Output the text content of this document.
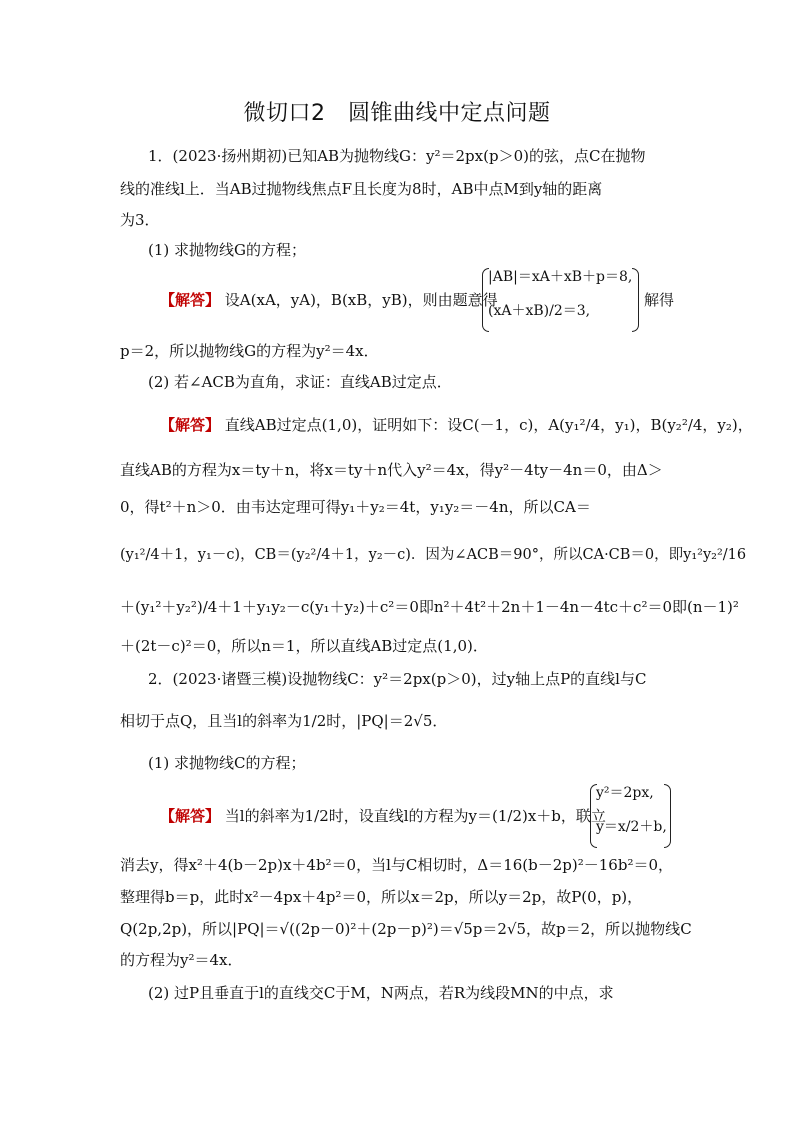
微切口2　圆锥曲线中定点问题
1．(2023·扬州期初)已知AB为抛物线G：y²＝2px(p＞0)的弦，点C在抛物
线的准线l上．当AB过抛物线焦点F且长度为8时，AB中点M到y轴的距离
为3．
(1) 求抛物线G的方程；
【解答】 设A(xA，yA)，B(xB，yB)，则由题意得
|AB|＝xA＋xB＋p＝8,
(xA＋xB)/2＝3,
解得
p＝2，所以抛物线G的方程为y²＝4x．
(2) 若∠ACB为直角，求证：直线AB过定点．
【解答】 直线AB过定点(1,0)，证明如下：设C(－1，c)，A(y₁²/4，y₁)，B(y₂²/4，y₂)，
直线AB的方程为x＝ty＋n，将x＝ty＋n代入y²＝4x，得y²－4ty－4n＝0，由Δ＞
0，得t²＋n＞0．由韦达定理可得y₁＋y₂＝4t，y₁y₂＝－4n，所以CA＝
(y₁²/4＋1，y₁－c)，CB＝(y₂²/4＋1，y₂－c)．因为∠ACB＝90°，所以CA·CB＝0，即y₁²y₂²/16
＋(y₁²＋y₂²)/4＋1＋y₁y₂－c(y₁＋y₂)＋c²＝0即n²＋4t²＋2n＋1－4n－4tc＋c²＝0即(n－1)²
＋(2t－c)²＝0，所以n＝1，所以直线AB过定点(1,0)．
2．(2023·诸暨三模)设抛物线C：y²＝2px(p＞0)，过y轴上点P的直线l与C
相切于点Q，且当l的斜率为1/2时，|PQ|＝2√5．
(1) 求抛物线C的方程；
【解答】 当l的斜率为1/2时，设直线l的方程为y＝(1/2)x＋b，联立
y²＝2px,
y＝x/2＋b,
消去y，得x²＋4(b－2p)x＋4b²＝0，当l与C相切时，Δ＝16(b－2p)²－16b²＝0，
整理得b＝p，此时x²－4px＋4p²＝0，所以x＝2p，所以y＝2p，故P(0，p)，
Q(2p,2p)，所以|PQ|＝√((2p－0)²＋(2p－p)²)＝√5p＝2√5，故p＝2，所以抛物线C
的方程为y²＝4x．
(2) 过P且垂直于l的直线交C于M，N两点，若R为线段MN的中点，求
